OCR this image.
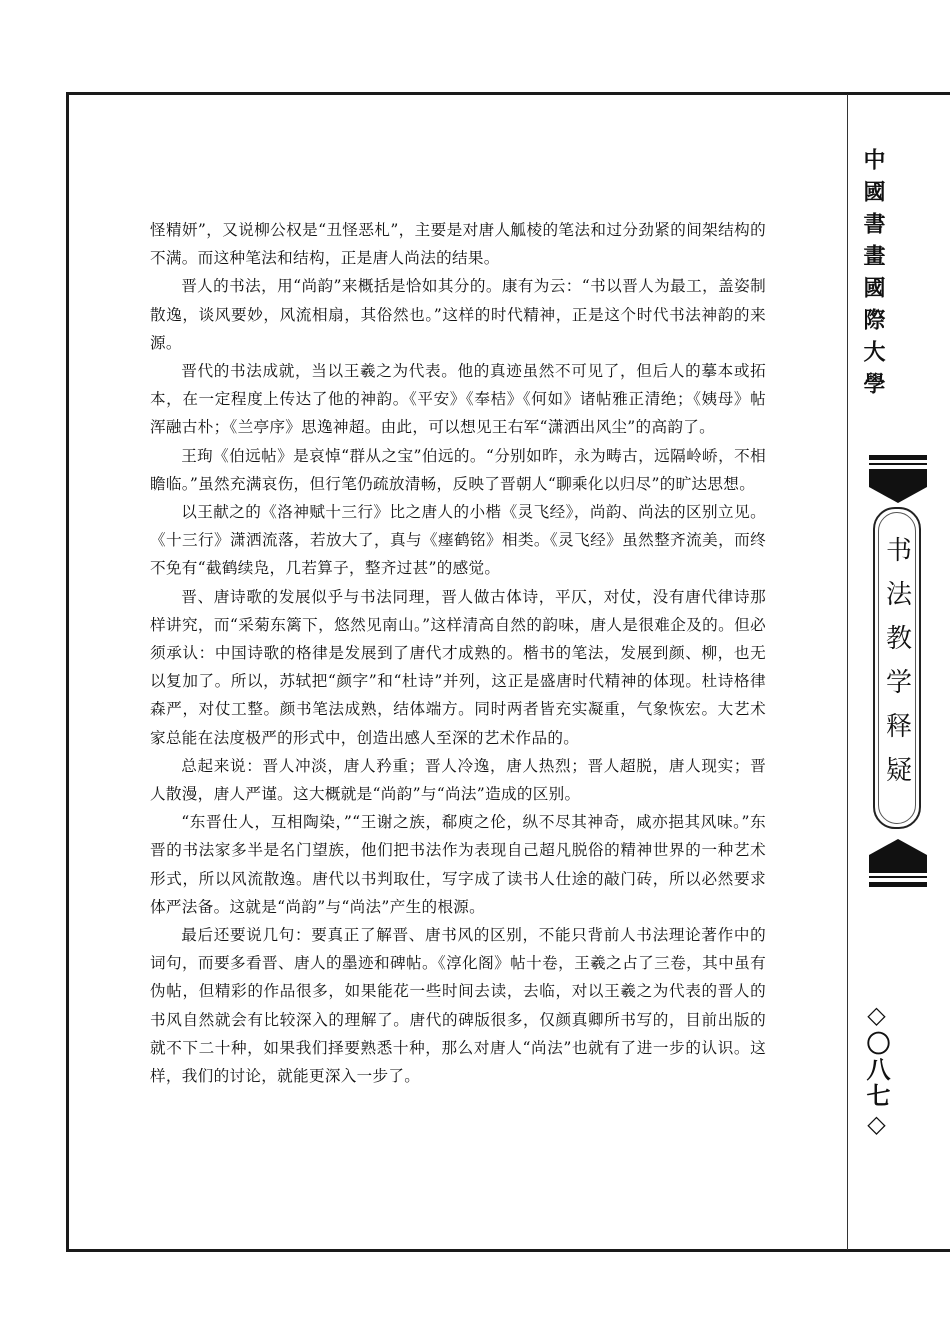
中國書畫國際大學
书法教学释疑
◇〇八七◇

怪精妍”，又说柳公权是“丑怪恶札”，主要是对唐人觚棱的笔法和过分劲紧的间架结构的不满。而这种笔法和结构，正是唐人尚法的结果。

晋人的书法，用“尚韵”来概括是恰如其分的。康有为云：“书以晋人为最工，盖姿制散逸，谈风要妙，风流相扇，其俗然也。”这样的时代精神，正是这个时代书法神韵的来源。

晋代的书法成就，当以王羲之为代表。他的真迹虽然不可见了，但后人的摹本或拓本，在一定程度上传达了他的神韵。《平安》《奉桔》《何如》诸帖雅正清绝；《姨母》帖浑融古朴；《兰亭序》思逸神超。由此，可以想见王右军“潇洒出风尘”的高韵了。

王珣《伯远帖》是哀悼“群从之宝”伯远的。“分别如昨，永为畴古，远隔岭峤，不相瞻临。”虽然充满哀伤，但行笔仍疏放清畅，反映了晋朝人“聊乘化以归尽”的旷达思想。

以王献之的《洛神赋十三行》比之唐人的小楷《灵飞经》，尚韵、尚法的区别立见。《十三行》潇洒流落，若放大了，真与《瘗鹤铭》相类。《灵飞经》虽然整齐流美，而终不免有“截鹤续凫，几若算子，整齐过甚”的感觉。

晋、唐诗歌的发展似乎与书法同理，晋人做古体诗，平仄，对仗，没有唐代律诗那样讲究，而“采菊东篱下，悠然见南山。”这样清高自然的韵味，唐人是很难企及的。但必须承认：中国诗歌的格律是发展到了唐代才成熟的。楷书的笔法，发展到颜、柳，也无以复加了。所以，苏轼把“颜字”和“杜诗”并列，这正是盛唐时代精神的体现。杜诗格律森严，对仗工整。颜书笔法成熟，结体端方。同时两者皆充实凝重，气象恢宏。大艺术家总能在法度极严的形式中，创造出感人至深的艺术作品的。

总起来说：晋人冲淡，唐人矜重；晋人冷逸，唐人热烈；晋人超脱，唐人现实；晋人散漫，唐人严谨。这大概就是“尚韵”与“尚法”造成的区别。

“东晋仕人，互相陶染，”“王谢之族，郗庾之伦，纵不尽其神奇，咸亦挹其风味。”东晋的书法家多半是名门望族，他们把书法作为表现自己超凡脱俗的精神世界的一种艺术形式，所以风流散逸。唐代以书判取仕，写字成了读书人仕途的敲门砖，所以必然要求体严法备。这就是“尚韵”与“尚法”产生的根源。

最后还要说几句：要真正了解晋、唐书风的区别，不能只背前人书法理论著作中的词句，而要多看晋、唐人的墨迹和碑帖。《淳化阁》帖十卷，王羲之占了三卷，其中虽有伪帖，但精彩的作品很多，如果能花一些时间去读，去临，对以王羲之为代表的晋人的书风自然就会有比较深入的理解了。唐代的碑版很多，仅颜真卿所书写的，目前出版的就不下二十种，如果我们择要熟悉十种，那么对唐人“尚法”也就有了进一步的认识。这样，我们的讨论，就能更深入一步了。
